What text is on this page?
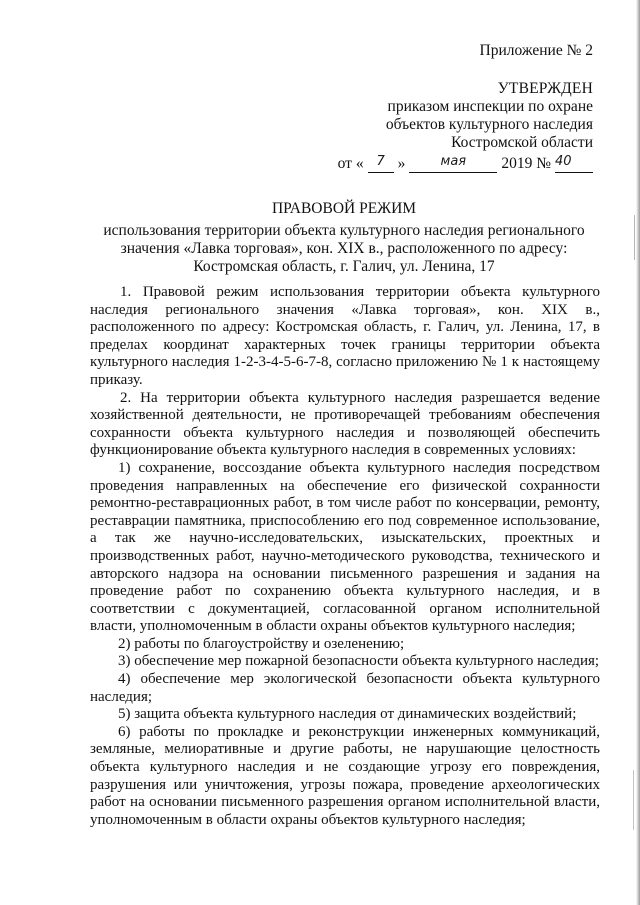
Приложение № 2
УТВЕРЖДЕН
приказом инспекции по охране
объектов культурного наследия
Костромской области
от « 7 »	мая	2019 № 40
ПРАВОВОЙ РЕЖИМ
использования территории объекта культурного наследия регионального
значения «Лавка торговая», кон. XIX в., расположенного по адресу:
Костромская область, г. Галич, ул. Ленина, 17

1. Правовой режим использования территории объекта культурного наследия регионального значения «Лавка торговая», кон. XIX в., расположенного по адресу: Костромская область, г. Галич, ул. Ленина, 17, в пределах координат характерных точек границы территории объекта культурного наследия 1-2-3-4-5-6-7-8, согласно приложению № 1 к настоящему приказу.

2. На территории объекта культурного наследия разрешается ведение хозяйственной деятельности, не противоречащей требованиям обеспечения сохранности объекта культурного наследия и позволяющей обеспечить функционирование объекта культурного наследия в современных условиях:

1) сохранение, воссоздание объекта культурного наследия посредством проведения направленных на обеспечение его физической сохранности ремонтно-реставрационных работ, в том числе работ по консервации, ремонту, реставрации памятника, приспособлению его под современное использование, а так же научно-исследовательских, изыскательских, проектных и производственных работ, научно-методического руководства, технического и авторского надзора на основании письменного разрешения и задания на проведение работ по сохранению объекта культурного наследия, и в соответствии с документацией, согласованной органом исполнительной власти, уполномоченным в области охраны объектов культурного наследия;

2) работы по благоустройству и озеленению;

3) обеспечение мер пожарной безопасности объекта культурного наследия;

4) обеспечение мер экологической безопасности объекта культурного наследия;

5) защита объекта культурного наследия от динамических воздействий;

6) работы по прокладке и реконструкции инженерных коммуникаций, земляные, мелиоративные и другие работы, не нарушающие целостность объекта культурного наследия и не создающие угрозу его повреждения, разрушения или уничтожения, угрозы пожара, проведение археологических работ на основании письменного разрешения органом исполнительной власти, уполномоченным в области охраны объектов культурного наследия;
